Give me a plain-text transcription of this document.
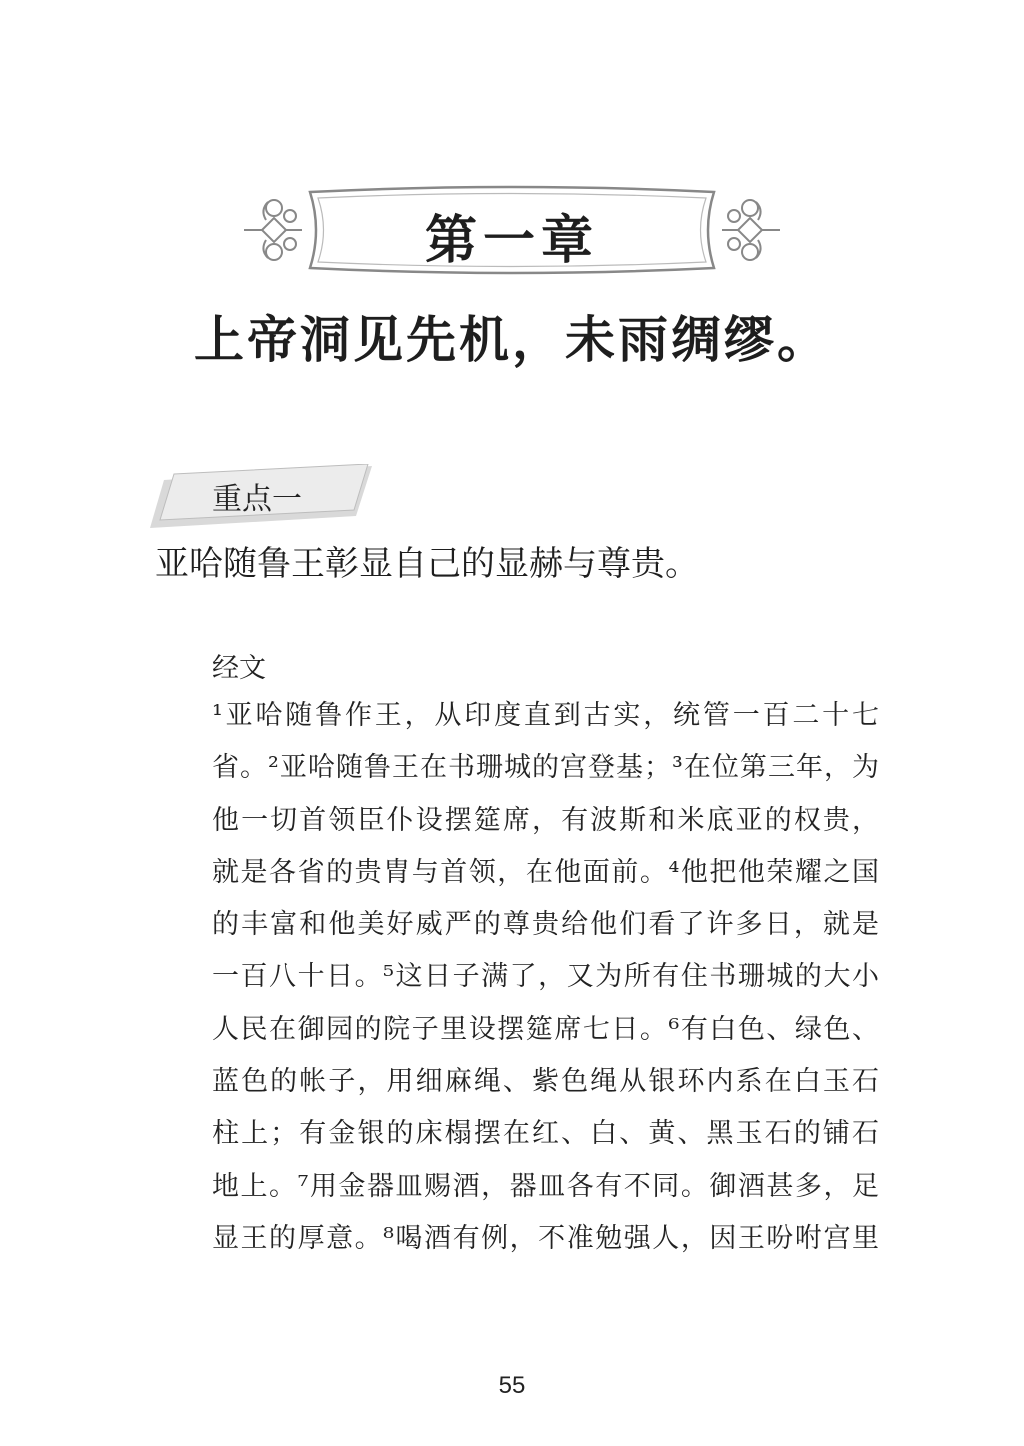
第一章
上帝洞见先机，未雨绸缪。
重点一
亚哈随鲁王彰显自己的显赫与尊贵。
经文
¹亚哈随鲁作王，从印度直到古实，统管一百二十七
省。²亚哈随鲁王在书珊城的宫登基；³在位第三年，为
他一切首领臣仆设摆筵席，有波斯和米底亚的权贵，
就是各省的贵胄与首领，在他面前。⁴他把他荣耀之国
的丰富和他美好威严的尊贵给他们看了许多日，就是
一百八十日。⁵这日子满了，又为所有住书珊城的大小
人民在御园的院子里设摆筵席七日。⁶有白色、绿色、
蓝色的帐子，用细麻绳、紫色绳从银环内系在白玉石
柱上；有金银的床榻摆在红、白、黄、黑玉石的铺石
地上。⁷用金器皿赐酒，器皿各有不同。御酒甚多，足
显王的厚意。⁸喝酒有例，不准勉强人，因王吩咐宫里
55
